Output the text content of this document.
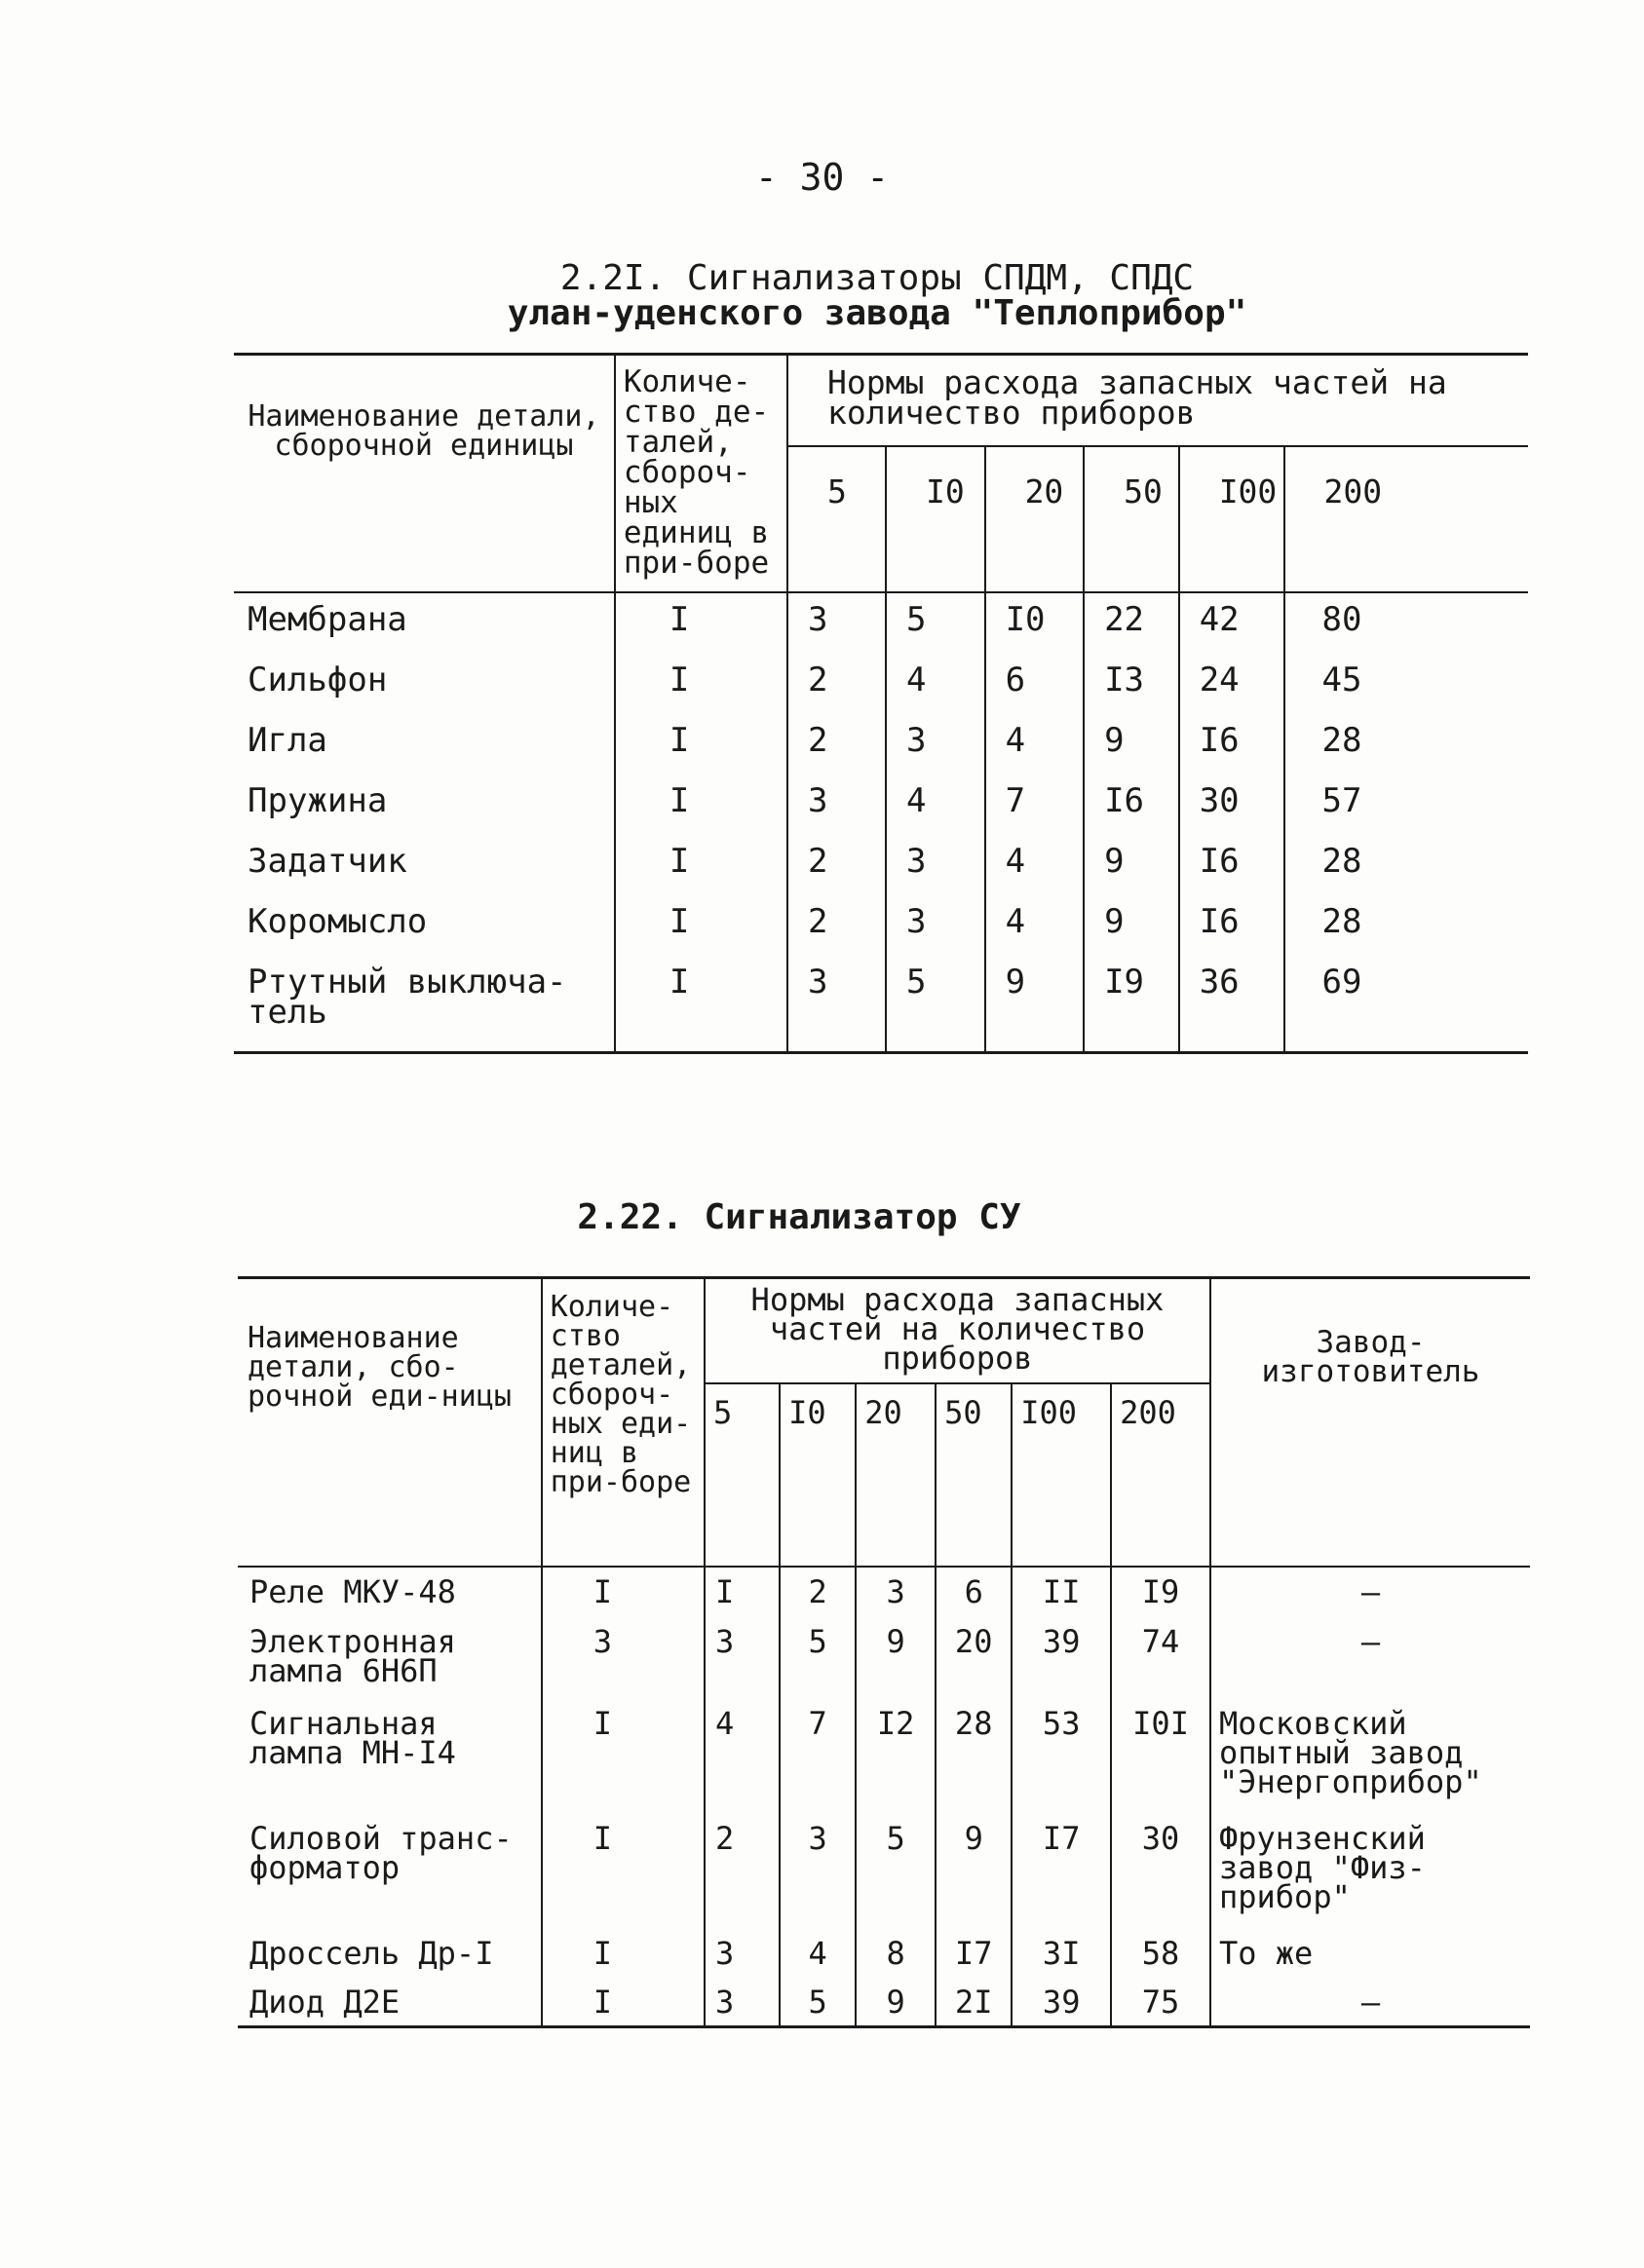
- 30 -
2.2I. Сигнализаторы СПДМ, СПДС
улан-уденского завода "Теплоприбор"
Наименование детали, сборочной единицы	Количе-ство де-талей, сбороч-ных единиц в при-боре	Нормы расхода запасных частей на количество приборов					
		5	I0	20	50	I00	200
Мембрана	I	3	5	I0	22	42	80
Сильфон	I	2	4	6	I3	24	45
Игла	I	2	3	4	9	I6	28
Пружина	I	3	4	7	I6	30	57
Задатчик	I	2	3	4	9	I6	28
Коромысло	I	2	3	4	9	I6	28
Ртутный выключа-тель	I	3	5	9	I9	36	69
2.22. Сигнализатор СУ
Наименование детали, сбо-рочной еди-ницы	Количе-ство деталей, сбороч-ных еди-ниц в при-боре	Нормы расхода запасных частей на количество приборов						Завод-изготовитель
		5	I0	20	50	I00	200	
Реле МКУ-48	I	I	2	3	6	II	I9	–
Электронная лампа 6Н6П	3	3	5	9	20	39	74	–
Сигнальная лампа МН-I4	I	4	7	I2	28	53	I0I	Московский опытный завод "Энергоприбор"
Силовой транс-форматор	I	2	3	5	9	I7	30	Фрунзенский завод "Физ-прибор"
Дроссель Др-I	I	3	4	8	I7	3I	58	То же
Диод Д2Е	I	3	5	9	2I	39	75	—
